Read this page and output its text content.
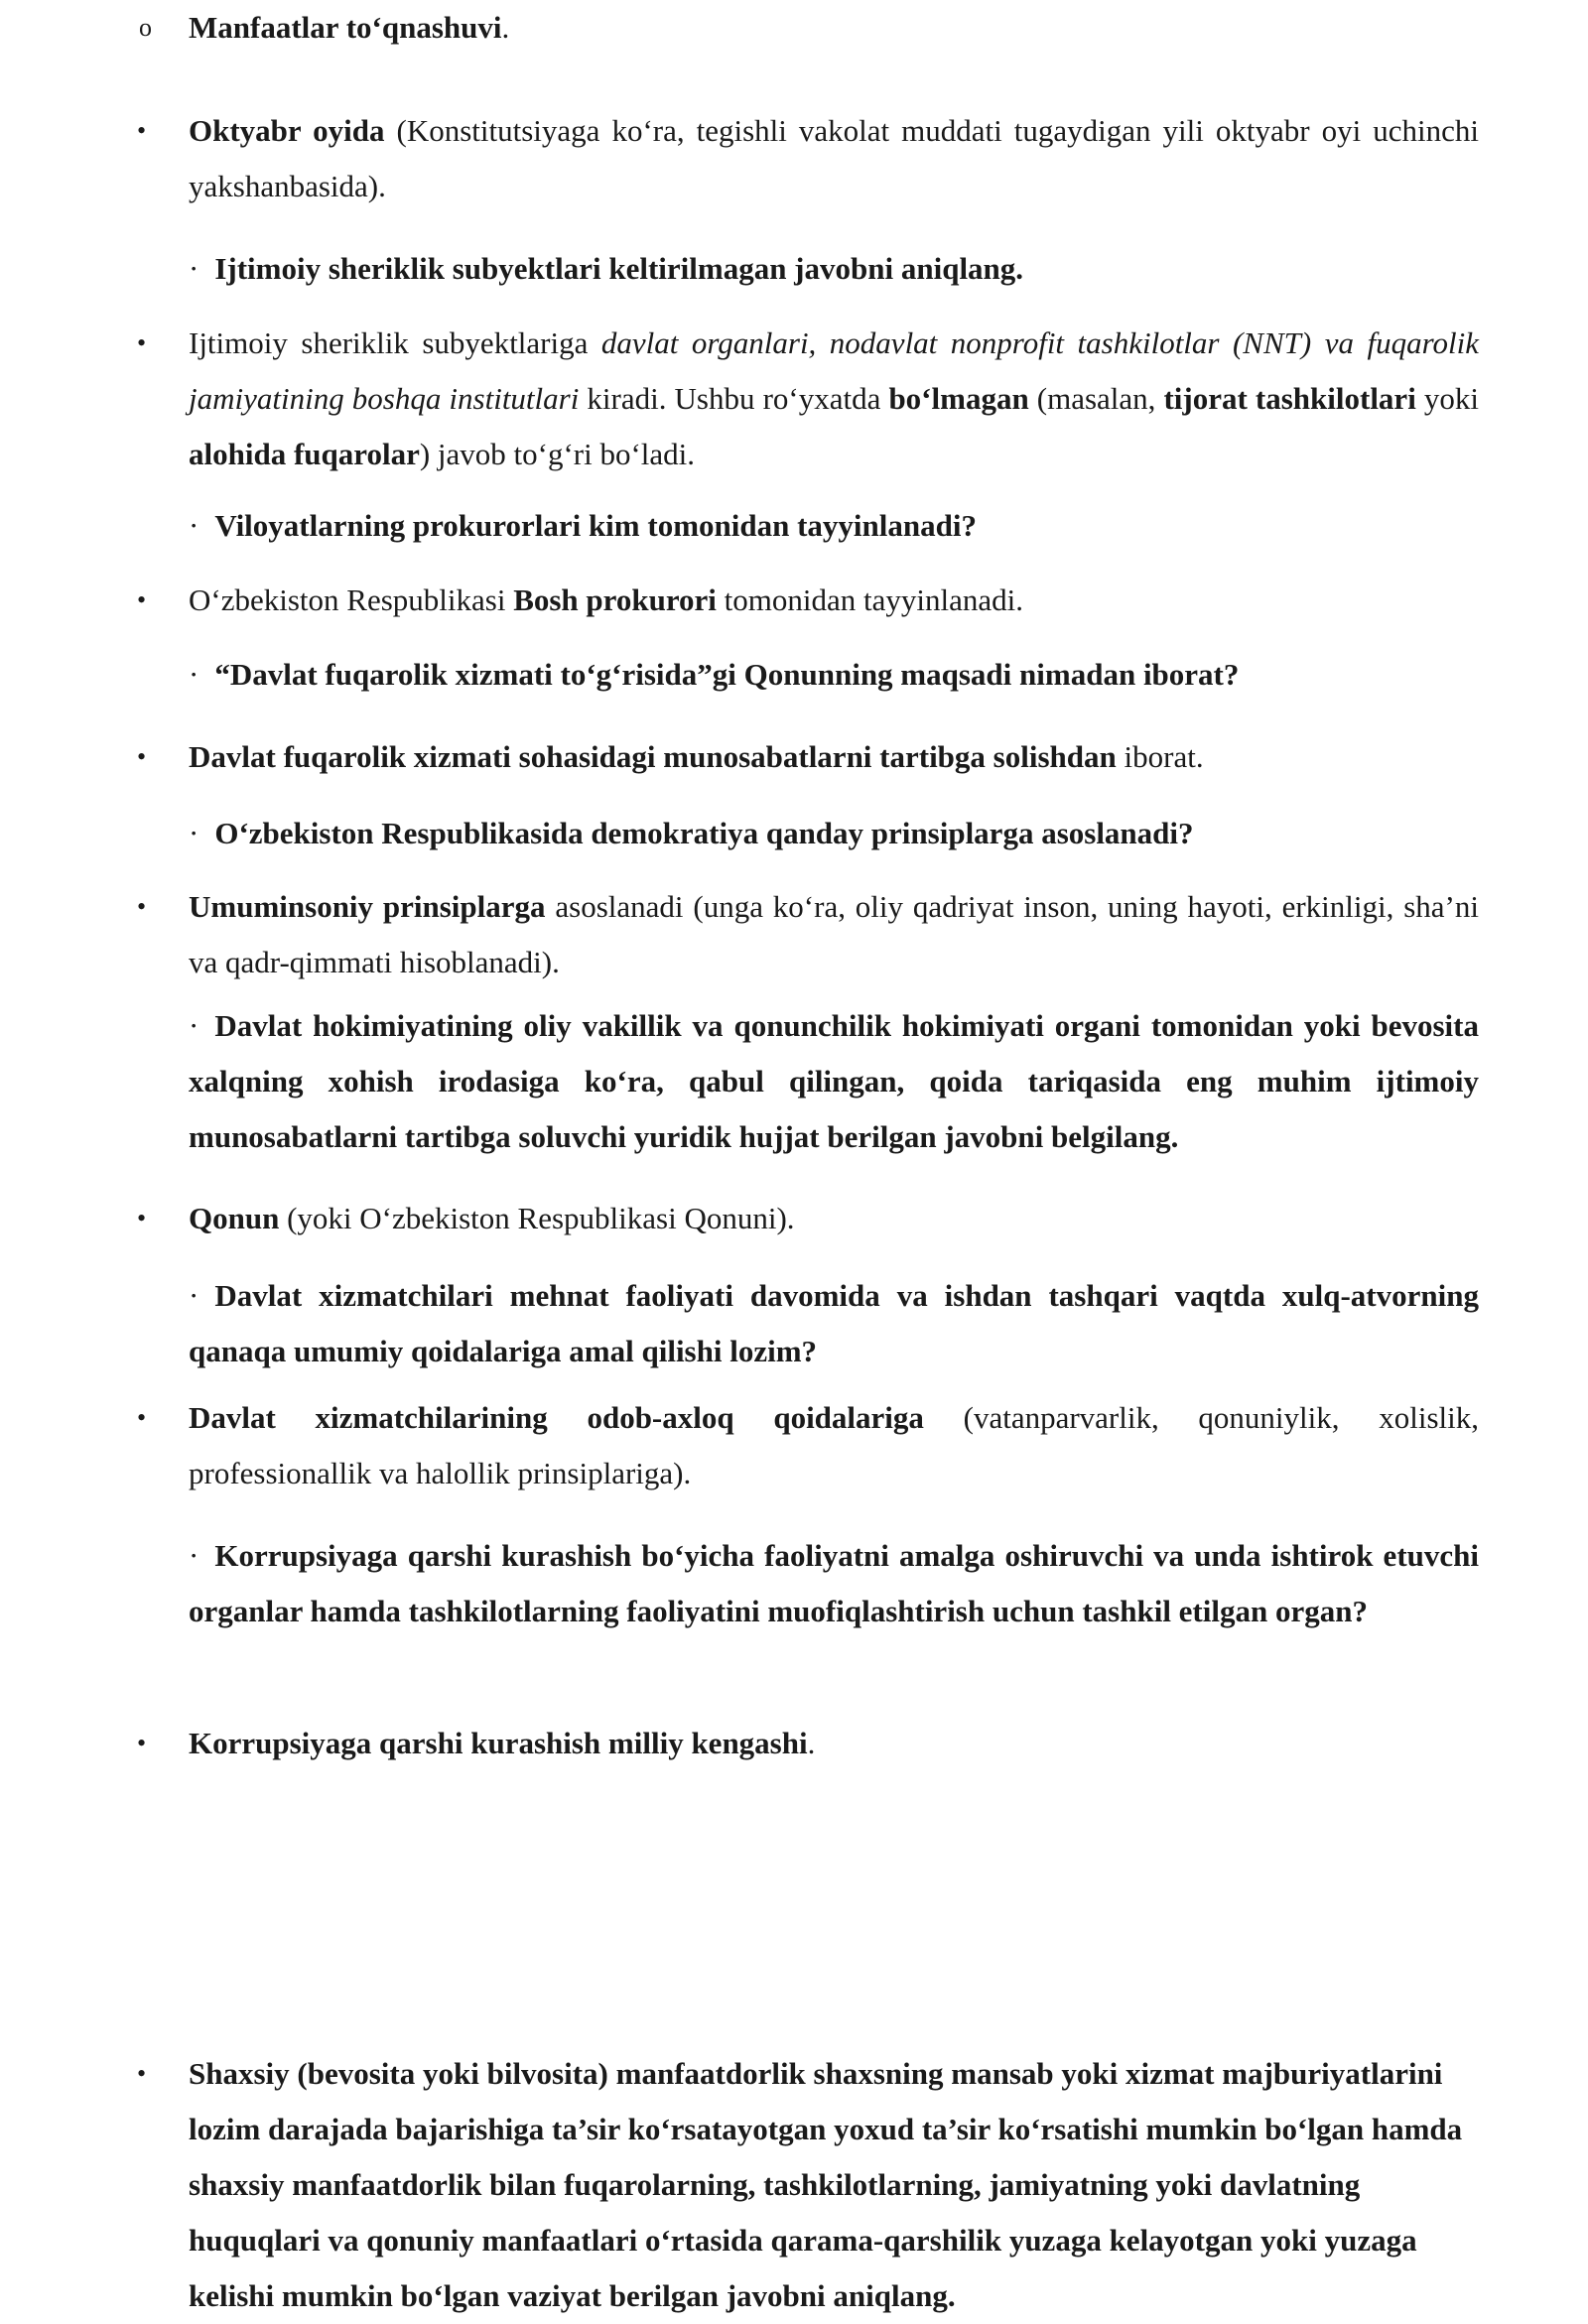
• Oktyabr oyida (Konstitutsiyaga ko‘ra, tegishli vakolat muddati tugaydigan yili oktyabr oyi uchinchi yakshanbasida).
· Ijtimoiy sheriklik subyektlari keltirilmagan javobni aniqlang.
• Ijtimoiy sheriklik subyektlariga davlat organlari, nodavlat nonprofit tashkilotlar (NNT) va fuqarolik jamiyatining boshqa institutlari kiradi. Ushbu ro‘yxatda bo‘lmagan (masalan, tijorat tashkilotlari yoki alohida fuqarolar) javob to‘g‘ri bo‘ladi.
· Viloyatlarning prokurorlari kim tomonidan tayyinlanadi?
• O‘zbekiston Respublikasi Bosh prokurori tomonidan tayyinlanadi.
· “Davlat fuqarolik xizmati to‘g‘risida”gi Qonunning maqsadi nimadan iborat?
• Davlat fuqarolik xizmati sohasidagi munosabatlarni tartibga solishdan iborat.
· O‘zbekiston Respublikasida demokratiya qanday prinsiplarga asoslanadi?
• Umuminsoniy prinsiplarga asoslanadi (unga ko‘ra, oliy qadriyat inson, uning hayoti, erkinligi, sha’ni va qadr-qimmati hisoblanadi).
· Davlat hokimiyatining oliy vakillik va qonunchilik hokimiyati organi tomonidan yoki bevosita xalqning xohish irodasiga ko‘ra, qabul qilingan, qoida tariqasida eng muhim ijtimoiy munosabatlarni tartibga soluvchi yuridik hujjat berilgan javobni belgilang.
• Qonun (yoki O‘zbekiston Respublikasi Qonuni).
· Davlat xizmatchilari mehnat faoliyati davomida va ishdan tashqari vaqtda xulq-atvorning qanaqa umumiy qoidalariga amal qilishi lozim?
• Davlat xizmatchilarining odob-axloq qoidalariga (vatanparvarlik, qonuniylik, xolislik, professionallik va halollik prinsiplariga).
· Korrupsiyaga qarshi kurashish bo‘yicha faoliyatni amalga oshiruvchi va unda ishtirok etuvchi organlar hamda tashkilotlarning faoliyatini muofiqlashtirish uchun tashkil etilgan organ?
• Korrupsiyaga qarshi kurashish milliy kengashi.
• Shaxsiy (bevosita yoki bilvosita) manfaatdorlik shaxsning mansab yoki xizmat majburiyatlarini lozim darajada bajarishiga ta’sir ko‘rsatayotgan yoxud ta’sir ko‘rsatishi mumkin bo‘lgan hamda shaxsiy manfaatdorlik bilan fuqarolarning, tashkilotlarning, jamiyatning yoki davlatning huquqlari va qonuniy manfaatlari o‘rtasida qarama-qarshilik yuzaga kelayotgan yoki yuzaga kelishi mumkin bo‘lgan vaziyat berilgan javobni aniqlang.
o Manfaatlar to‘qnashuvi.
